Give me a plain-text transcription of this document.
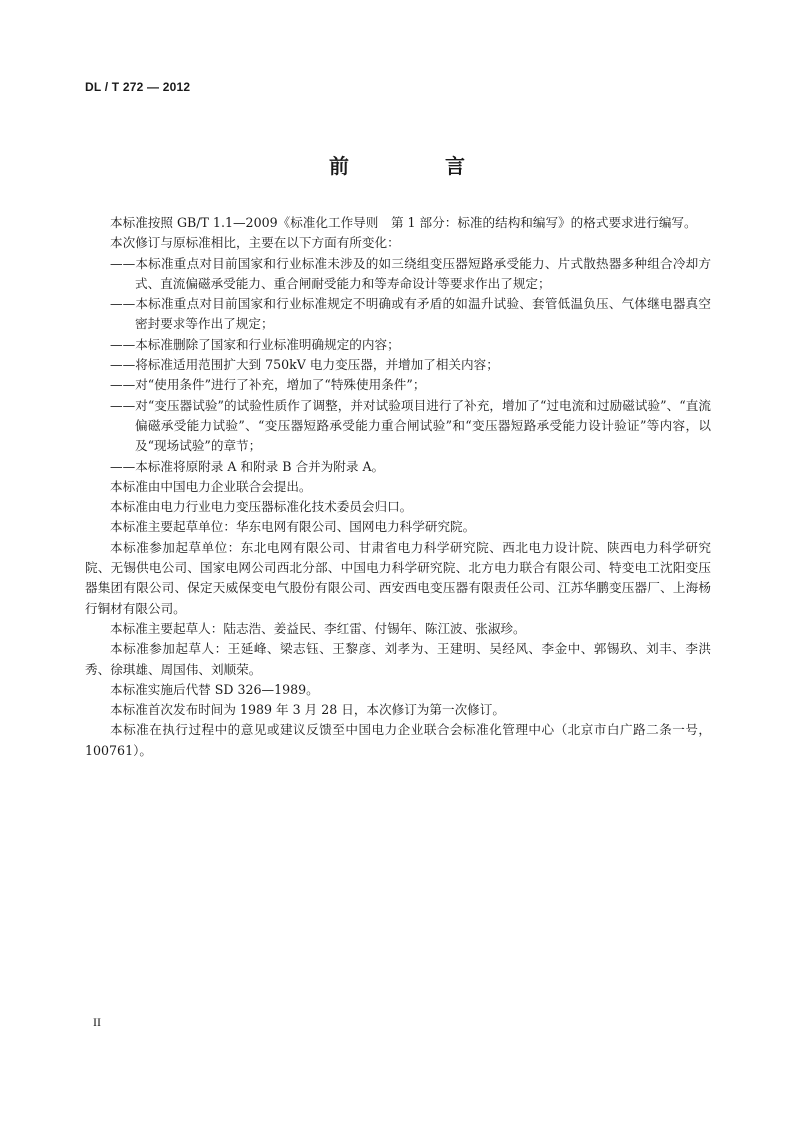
DL / T 272 — 2012
前　言

本标准按照 GB/T 1.1—2009《标准化工作导则　第 1 部分：标准的结构和编写》的格式要求进行编写。

本次修订与原标准相比，主要在以下方面有所变化：

——本标准重点对目前国家和行业标准未涉及的如三绕组变压器短路承受能力、片式散热器多种组合冷却方式、直流偏磁承受能力、重合闸耐受能力和等寿命设计等要求作出了规定；

——本标准重点对目前国家和行业标准规定不明确或有矛盾的如温升试验、套管低温负压、气体继电器真空密封要求等作出了规定；

——本标准删除了国家和行业标准明确规定的内容；

——将标准适用范围扩大到 750kV 电力变压器，并增加了相关内容；

——对“使用条件”进行了补充，增加了“特殊使用条件”；

——对“变压器试验”的试验性质作了调整，并对试验项目进行了补充，增加了“过电流和过励磁试验”、“直流偏磁承受能力试验”、“变压器短路承受能力重合闸试验”和“变压器短路承受能力设计验证”等内容，以及“现场试验”的章节；

——本标准将原附录 A 和附录 B 合并为附录 A。

本标准由中国电力企业联合会提出。

本标准由电力行业电力变压器标准化技术委员会归口。

本标准主要起草单位：华东电网有限公司、国网电力科学研究院。

本标准参加起草单位：东北电网有限公司、甘肃省电力科学研究院、西北电力设计院、陕西电力科学研究院、无锡供电公司、国家电网公司西北分部、中国电力科学研究院、北方电力联合有限公司、特变电工沈阳变压器集团有限公司、保定天威保变电气股份有限公司、西安西电变压器有限责任公司、江苏华鹏变压器厂、上海杨行铜材有限公司。

本标准主要起草人：陆志浩、姜益民、李红雷、付锡年、陈江波、张淑珍。

本标准参加起草人：王延峰、梁志钰、王黎彦、刘孝为、王建明、吴经风、李金中、郭锡玖、刘丰、李洪秀、徐琪雄、周国伟、刘顺荣。

本标准实施后代替 SD 326—1989。

本标准首次发布时间为 1989 年 3 月 28 日，本次修订为第一次修订。

本标准在执行过程中的意见或建议反馈至中国电力企业联合会标准化管理中心（北京市白广路二条一号，100761）。

II
